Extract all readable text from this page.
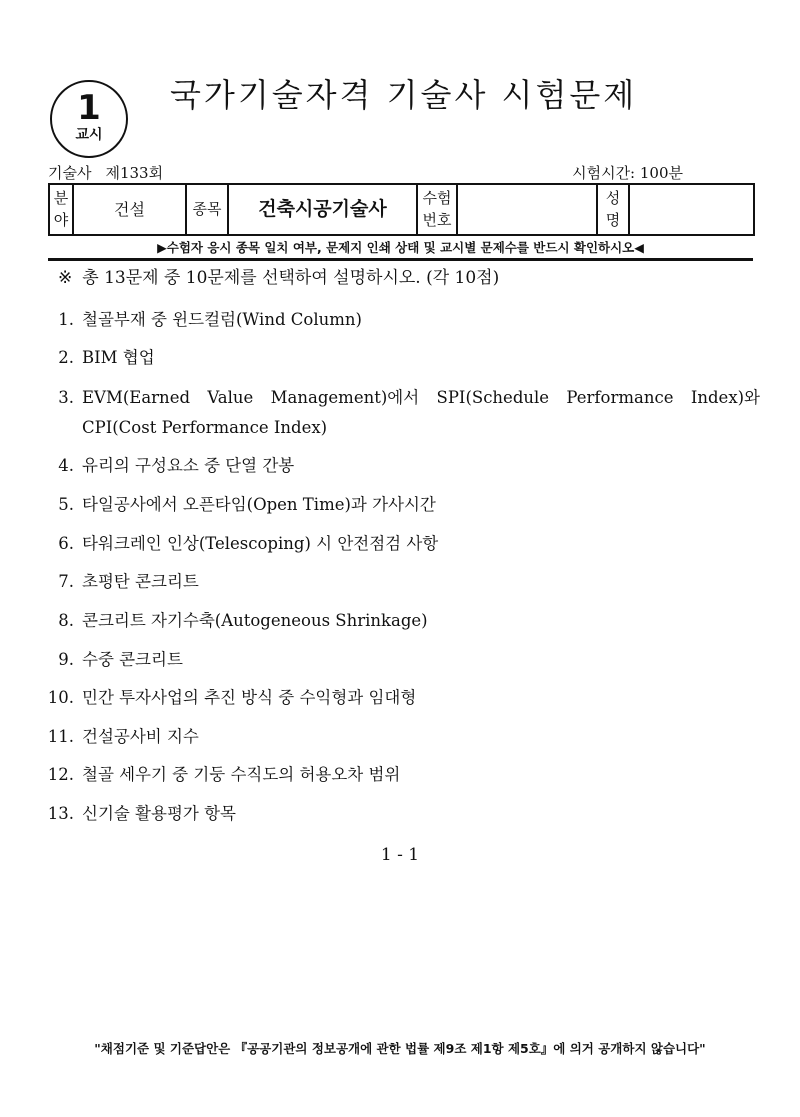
1
교시
국가기술자격 기술사 시험문제
기술사 제133회	시험시간: 100분
분야	건설	종목	건축시공기술사	수험번호		성명	
▶수험자 응시 종목 일치 여부, 문제지 인쇄 상태 및 교시별 문제수를 반드시 확인하시오◀
※ 총 13문제 중 10문제를 선택하여 설명하시오. (각 10점)
1. 철골부재 중 윈드컬럼(Wind Column)
2. BIM 협업
3. EVM(Earned Value Management)에서 SPI(Schedule Performance Index)와
CPI(Cost Performance Index)
4. 유리의 구성요소 중 단열 간봉
5. 타일공사에서 오픈타임(Open Time)과 가사시간
6. 타워크레인 인상(Telescoping) 시 안전점검 사항
7. 초평탄 콘크리트
8. 콘크리트 자기수축(Autogeneous Shrinkage)
9. 수중 콘크리트
10. 민간 투자사업의 추진 방식 중 수익형과 임대형
11. 건설공사비 지수
12. 철골 세우기 중 기둥 수직도의 허용오차 범위
13. 신기술 활용평가 항목
1 - 1
"채점기준 및 기준답안은 『공공기관의 정보공개에 관한 법률 제9조 제1항 제5호』에 의거 공개하지 않습니다"
